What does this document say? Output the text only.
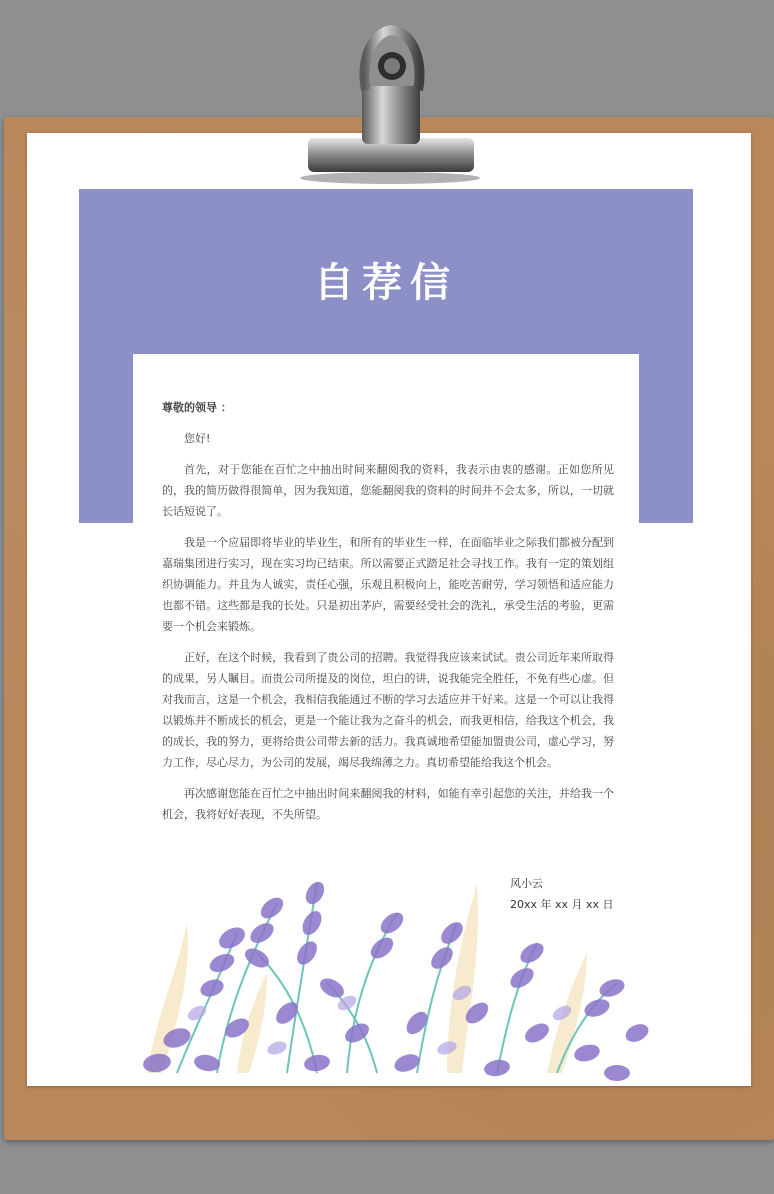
自荐信

尊敬的领导 ：

您好!

首先，对于您能在百忙之中抽出时间来翻阅我的资料，我表示由衷的感谢。正如您所见的，我的简历做得很简单，因为我知道，您能翻阅我的资料的时间并不会太多，所以，一切就长话短说了。

我是一个应届即将毕业的毕业生，和所有的毕业生一样，在面临毕业之际我们都被分配到嘉瑞集团进行实习，现在实习均已结束。所以需要正式踏足社会寻找工作。我有一定的策划组织协调能力。并且为人诚实，责任心强，乐观且积极向上，能吃苦耐劳，学习领悟和适应能力也都不错。这些都是我的长处。只是初出茅庐，需要经受社会的洗礼，承受生活的考验，更需要一个机会来锻炼。

正好，在这个时候，我看到了贵公司的招聘。我觉得我应该来试试。贵公司近年来所取得的成果，另人瞩目。而贵公司所提及的岗位，坦白的讲，说我能完全胜任，不免有些心虚。但对我而言，这是一个机会，我相信我能通过不断的学习去适应并干好来。这是一个可以让我得以锻炼并不断成长的机会，更是一个能让我为之奋斗的机会，而我更相信，给我这个机会，我的成长，我的努力，更将给贵公司带去新的活力。我真诚地希望能加盟贵公司，虚心学习，努力工作，尽心尽力，为公司的发展，竭尽我绵薄之力。真切希望能给我这个机会。

再次感谢您能在百忙之中抽出时间来翻阅我的材料，如能有幸引起您的关注，并给我一个机会，我将好好表现，不失所望。

风小云
20xx 年 xx 月 xx 日
